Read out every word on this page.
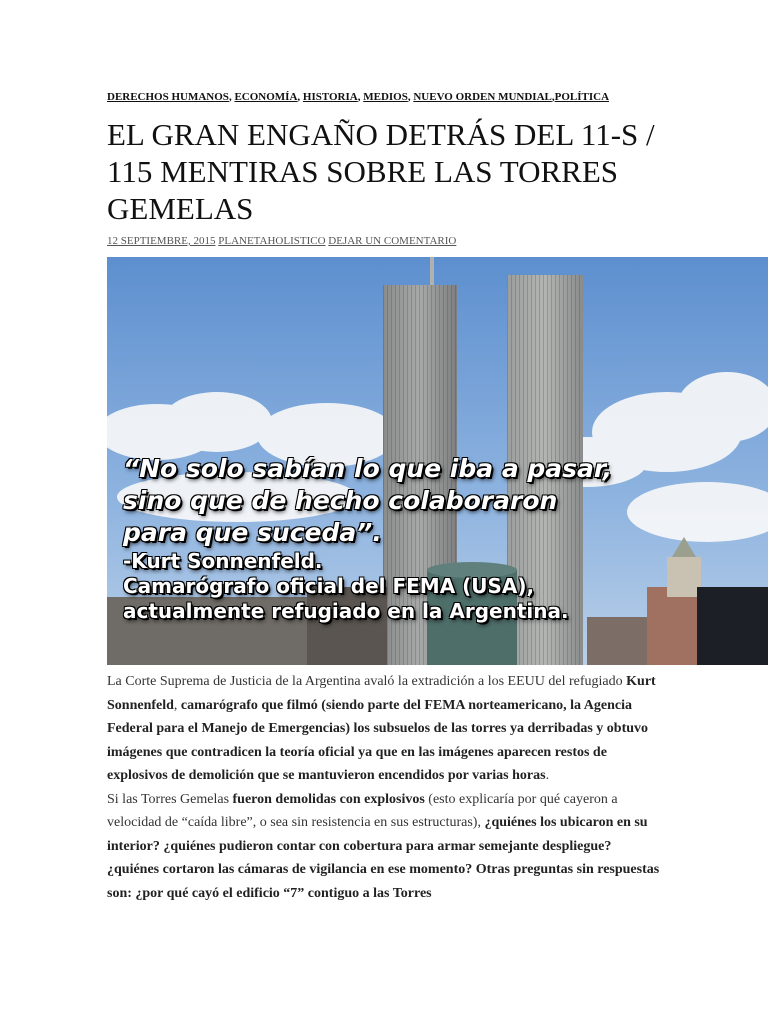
DERECHOS HUMANOS, ECONOMÍA, HISTORIA, MEDIOS, NUEVO ORDEN MUNDIAL,POLÍTICA
EL GRAN ENGAÑO DETRÁS DEL 11-S /
115 MENTIRAS SOBRE LAS TORRES
GEMELAS
12 SEPTIEMBRE, 2015 PLANETAHOLISTICO DEJAR UN COMENTARIO
“No solo sabían lo que iba a pasar,
sino que de hecho colaboraron
para que suceda”.
-Kurt Sonnenfeld.
Camarógrafo oficial del FEMA (USA),
actualmente refugiado en la Argentina.

La Corte Suprema de Justicia de la Argentina avaló la extradición a los EEUU del refugiado Kurt Sonnenfeld, camarógrafo que filmó (siendo parte del FEMA norteamericano, la Agencia Federal para el Manejo de Emergencias) los subsuelos de las torres ya derribadas y obtuvo imágenes que contradicen la teoría oficial ya que en las imágenes aparecen restos de explosivos de demolición que se mantuvieron encendidos por varias horas.

Si las Torres Gemelas fueron demolidas con explosivos (esto explicaría por qué cayeron a velocidad de “caída libre”, o sea sin resistencia en sus estructuras), ¿quiénes los ubicaron en su interior? ¿quiénes pudieron contar con cobertura para armar semejante despliegue? ¿quiénes cortaron las cámaras de vigilancia en ese momento? Otras preguntas sin respuestas son: ¿por qué cayó el edificio “7” contiguo a las Torres
